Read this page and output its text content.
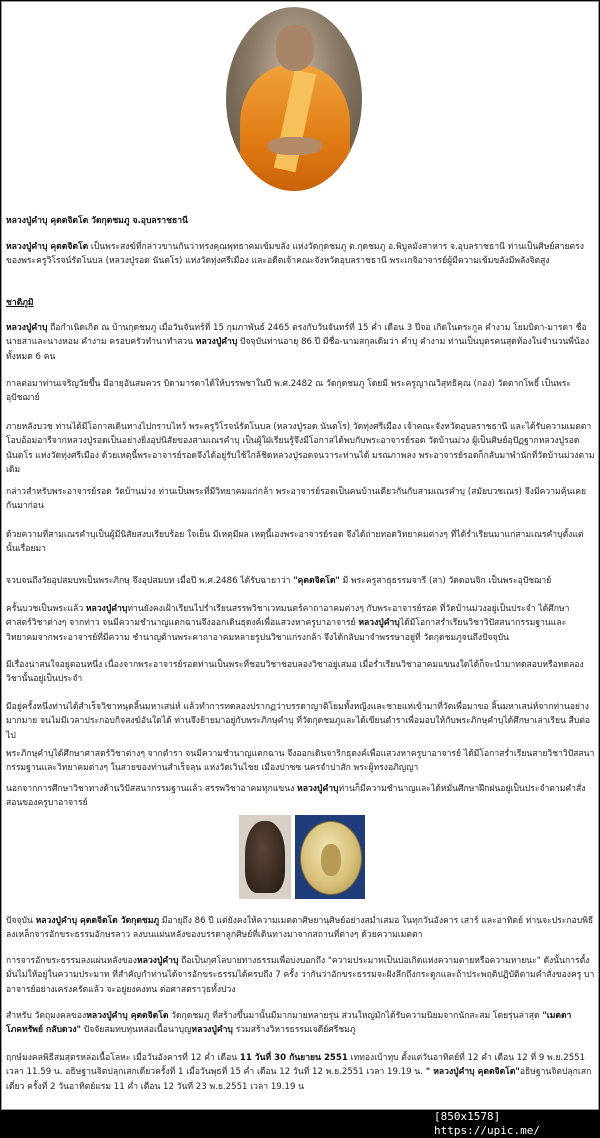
หลวงปู่คำบุ คุตตจิตโต วัดกุดชมภู จ.อุบลราชธานี

หลวงปู่คำบุ คุตตจิตโต เป็นพระสงฆ์ที่กล่าวขานกันว่าทรงคุณพุทธาคมเข้มขลัง แห่งวัดกุดชมภู ต.กุดชมภู อ.พิบูลมังสาหาร จ.อุบลราชธานี ท่านเป็นศิษย์สายตรงของพระครูวิโรจน์รัตโนบล (หลวงปู่รอด นันตโร) แห่งวัดทุ่งศรีเมือง และอดีตเจ้าคณะจังหวัดอุบลราชธานี พระเกจิอาจารย์ผู้มีความเข้มขลังมีพลังจิตสูง

ชาติภูมิ

หลวงปู่คำบุ ถือกำเนิดเกิด ณ บ้านกุดชมภู เมื่อวันจันทร์ที่ 15 กุมภาพันธ์ 2465 ตรงกับวันจันทร์ที่ 15 ค่ำ เดือน 3 ปีจอ เกิดในตระกูล คำงาม โยมบิดา-มารดา ชื่อนายสาและนางหอม คำงาม ครอบครัวทำนาทำสวน หลวงปู่คำบุ ปัจจุบันท่านอายุ 86 ปี มีชื่อ-นามสกุลเดิมว่า คำบุ คำงาม ท่านเป็นบุตรคนสุดท้องในจำนวนพี่น้องทั้งหมด 6 คน

กาลต่อมาท่านเจริญวัยขึ้น มีอายุอันสมควร บิดามารดาได้ให้บรรพชาในปี พ.ศ.2482 ณ วัดกุดชมภู โดยมี พระครูญาณวิสุทธิคุณ (กอง) วัดตากโพธิ์ เป็นพระอุปัชฌาย์

ภายหลังบวช ท่านได้มีโอกาสเดินทางไปกราบไหว้ พระครูวิโรจน์รัตโนบล (หลวงปู่รอด นันตโร) วัดทุ่งศรีเมือง เจ้าคณะจังหวัดอุบลราชธานี และได้รับความเมตตาโอบอ้อมอารีจากหลวงปู่รอดเป็นอย่างยิ่งอุปนิสัยของสามเณรคำบุ เป็นผู้ใฝ่เรียนรู้จึงมีโอกาสได้พบกับพระอาจารย์รอด วัดบ้านม่วง ผู้เป็นศิษย์อุปัฏฐากหลวงปู่รอด นันตโร แห่งวัดทุ่งศรีเมือง ด้วยเหตุนี้พระอาจารย์รอดจึงได้อยู่รับใช้ใกล้ชิดหลวงปู่รอดจนวาระท่านได้ มรณภาพลง พระอาจารย์รอดก็กลับมาพำนักที่วัดบ้านม่วงตามเดิม

กล่าวสำหรับพระอาจารย์รอด วัดบ้านม่วง ท่านเป็นพระที่มีวิทยาคมแก่กล้า พระอาจารย์รอดเป็นคนบ้านเดียวกันกับสามเณรคำบุ (สมัยบวชเณร) จึงมีความคุ้นเคยกันมาก่อน

ด้วยความที่สามเณรคำบุเป็นผู้มีนิสัยสงบเรียบร้อย ใจเย็น มีเหตุมีผล เหตุนี้เองพระอาจารย์รอด จึงได้ถ่ายทอดวิทยาคมต่างๆ ที่ได้ร่ำเรียนมาแก่สามเณรคำบุตั้งแต่นั้นเรื่อยมา

จวบจนถึงวัยอุปสมบทเป็นพระภิกษุ จึงอุปสมบท เมื่อปี พ.ศ.2486 ได้รับฉายาว่า "คุตตจิตโต" มี พระครูสาธุธรรมจารี (สา) วัดดอนจิก เป็นพระอุปัชฌาย์

ครั้นบวชเป็นพระแล้ว หลวงปู่คำบุท่านยังคงเฝ้าเรียนไปร่ำเรียนสรรพวิชาเวทมนตร์คาถาอาคมต่างๆ กับพระอาจารย์รอด ที่วัดบ้านม่วงอยู่เป็นประจำ ได้ศึกษาศาสตร์วิชาต่างๆ จากท่าว จนมีความชำนาญแตกฉานจึงออกเดินธุดงค์เพื่อแสวงหาครูบาอาจารย์ หลวงปู่คำบุได้มีโอกาสร่ำเรียนวิชาวิปัสสนากรรมฐานและวิทยาคมจากพระอาจารย์ที่มีความ ชำนาญด้านพระคาถาอาคมหลายรูปนวิชาแก่รงกล้า จึงได้กลับมาจำพรรษาอยู่ที่ วัดกุดชมภูจนถึงปัจจุบัน

มีเรื่องน่าสนใจอยู่ตอนหนึ่ง เนื่องจากพระอาจารย์รอดท่านเป็นพระที่ชอบวิชาชอบลองวิชาอยู่เสมอ เมื่อร่ำเรียนวิชาอาคมแขนงใดได้ก็จะนำมาทดสอบหรือทดลองวิชานั้นอยู่เป็นประจำ

มีอยู่ครั้งหนึ่งท่านได้สำเร็จวิชาหนุดลิ้นมหาเสน่ห์ แล้วทำการทดลองปรากฏว่าบรรดาญาติโยมทั้งหญิงและชายแห่เข้ามาที่วัดเพื่อมาขอ ลิ้นมหาเสน่ห์จากท่านอย่างมากมาย จนไม่มีเวลาประกอบกิจสงฆ์อันใดได้ ท่านจึงย้ายมาอยู่กับพระภิกษุคำบุ ที่วัดกุดชมภูและได้เขียนตำราเพื่อมอบให้กับพระภิกษุคำบุได้ศึกษาเล่าเรียน สืบต่อไป

พระภิกษุคำบุได้ศึกษาศาสตร์วิชาต่างๆ จากตำรา จนมีความชำนาญแตกฉาน จึงออกเดินจาริกธุดงค์เพื่อแสวงหาครูบาอาจารย์ ได้มีโอกาสร่ำเรียนสายวิชาวิปัสสนากรรมฐานและวิทยาคมต่างๆ ในสายของท่านสำเร็จลุน แห่งวัดเวินไชย เมืองปาซซ นครจำปาสัก พระผู้ทรงอภิญญา

นอกจากการศึกษาวิชาทางด้านวิปัสสนากรรมฐานแล้ว สรรพวิชาอาคมทุกแขนง หลวงปู่คำบุท่านก็มีความชำนาญและได้หมั่นศึกษาฝึกฝนอยู่เป็นประจำตามคำสั่งสอนของครูบาอาจารย์

ปัจจุบัน หลวงปู่คำบุ คุตตจิตโต วัดกุดชมภู มีอายุถึง 86 ปี แต่ยังคงให้ความเมตตาศิษยานุศิษย์อย่างสม่ำเสมอ ในทุกวันอังคาร เสาร์ และอาทิตย์ ท่านจะประกอบพิธีลงเหล็กจารอักขระธรรมอักษรลาว ลงบนแผ่นหลังของบรรดาลูกศิษย์ที่เดินทางมาจากสถานที่ต่างๆ ด้วยความเมตตา

การจารอักขระธรรมลงแผ่นหลังของหลวงปู่คำบุ ถือเป็นกุศโลบายทางธรรมเพื่อบ่งบอกถึง "ความประมาทเป็นบ่อเกิดแห่งความตายหรือความหายนะ" ดังนั้นการตั้งมั่นไม่ให้อยู่ในความประมาท ที่สำคัญกำท่านได้จารอักขระธรรมได้ครบถึง 7 ครั้ง ว่ากันว่าอักขระธรรมจะฝังลึกถึงกระดูกและถ้าประพฤติปฏิบัติตามคำสั่งของครู บาอาจารย์อย่างเคร่งครัดแล้ว จะอยู่ยงคงทน ต่อศาสตราวุธทั้งปวง

สำหรับ วัตถุมงคลของหลวงปู่คำบุ คุตตจิตโต วัดกุดชมภู ที่สร้างขึ้นมานั้นมีมากมายหลายรุ่น ส่วนใหญ่มักได้รับความนิยมจากนักสะสม โดยรุ่นล่าสุด "เมตตา โภคทรัพย์ กลับดวง" ปัจจัยสมทบทุนหล่อเนื้อนาบุญหลวงปู่คำบุ ร่วมสร้างวิหารธรรมเจดีย์ศรีชมภู

ฤกษ์มงคลพิธีสมสุตรหล่อเนื้อโลหะ เมื่อวันอังคารที่ 12 ค่ำ เดือน 11 วันที่ 30 กันยายน 2551 เททองเบ้าทุบ ตั้งแต่วันอาทิตย์ที่ 12 ค่ำ เดือน 12 ที่ 9 พ.ย.2551 เวลา 11.59 น. อธิษฐานจิตปลุกเสกเดี่ยวครั้งที่ 1 เมื่อวันพุธที่ 15 ค่ำ เดือน 12 วันที่ 12 พ.ย.2551 เวลา 19.19 น. " หลวงปู่คำบุ คุตตจิตโต"อธิษฐานจิตปลุกเสกเดี่ยว ครั้งที่ 2 วันอาทิตย์แรม 11 ค่ำ เดือน 12 วันที่ 23 พ.ย.2551 เวลา 19.19 น

[850x1578] https://upic.me/
